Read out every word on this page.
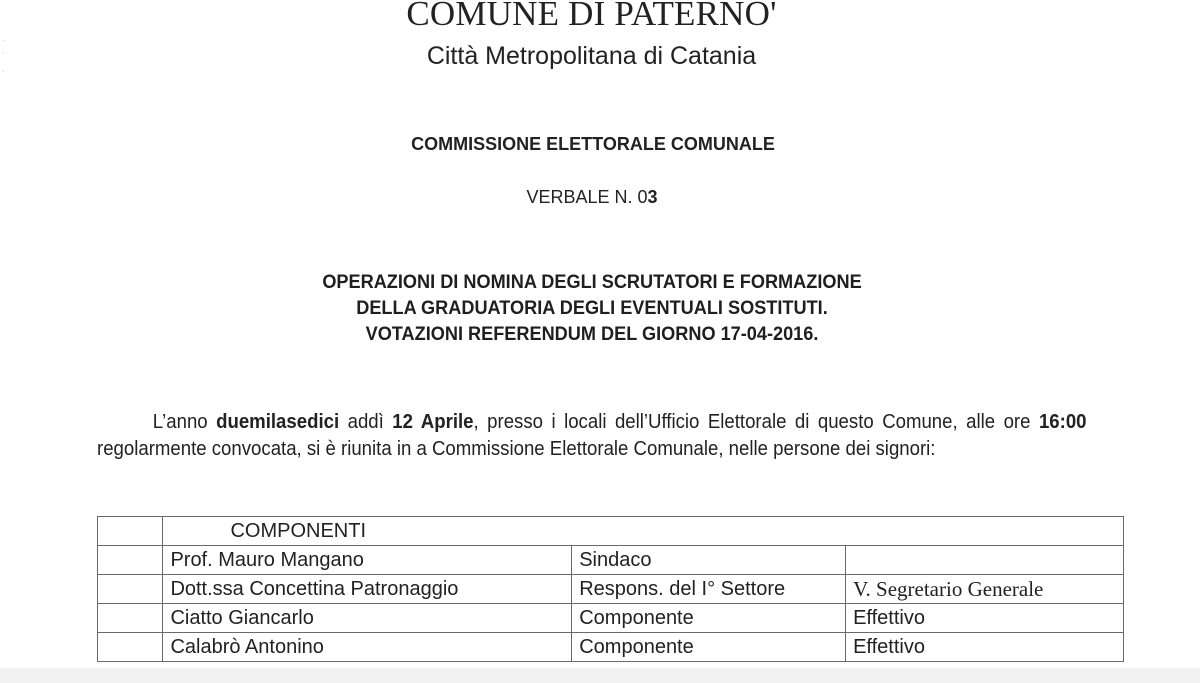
·
‚

-
COMUNE DI PATERNO'
Città Metropolitana di Catania
COMMISSIONE ELETTORALE COMUNALE
VERBALE N. 03
OPERAZIONI DI NOMINA DEGLI SCRUTATORI E FORMAZIONE
DELLA GRADUATORIA DEGLI EVENTUALI SOSTITUTI.
VOTAZIONI REFERENDUM DEL GIORNO 17-04-2016.
L’anno duemilasedici addì 12 Aprile, presso i locali dell’Ufficio Elettorale di questo Comune, alle ore 16:00 regolarmente convocata, si è riunita in a Commissione Elettorale Comunale, nelle persone dei signori:
	COMPONENTI		
	Prof. Mauro Mangano	Sindaco	
	Dott.ssa Concettina Patronaggio	Respons. del I° Settore	V. Segretario Generale
	Ciatto Giancarlo	Componente	Effettivo
	Calabrò Antonino	Componente	Effettivo
